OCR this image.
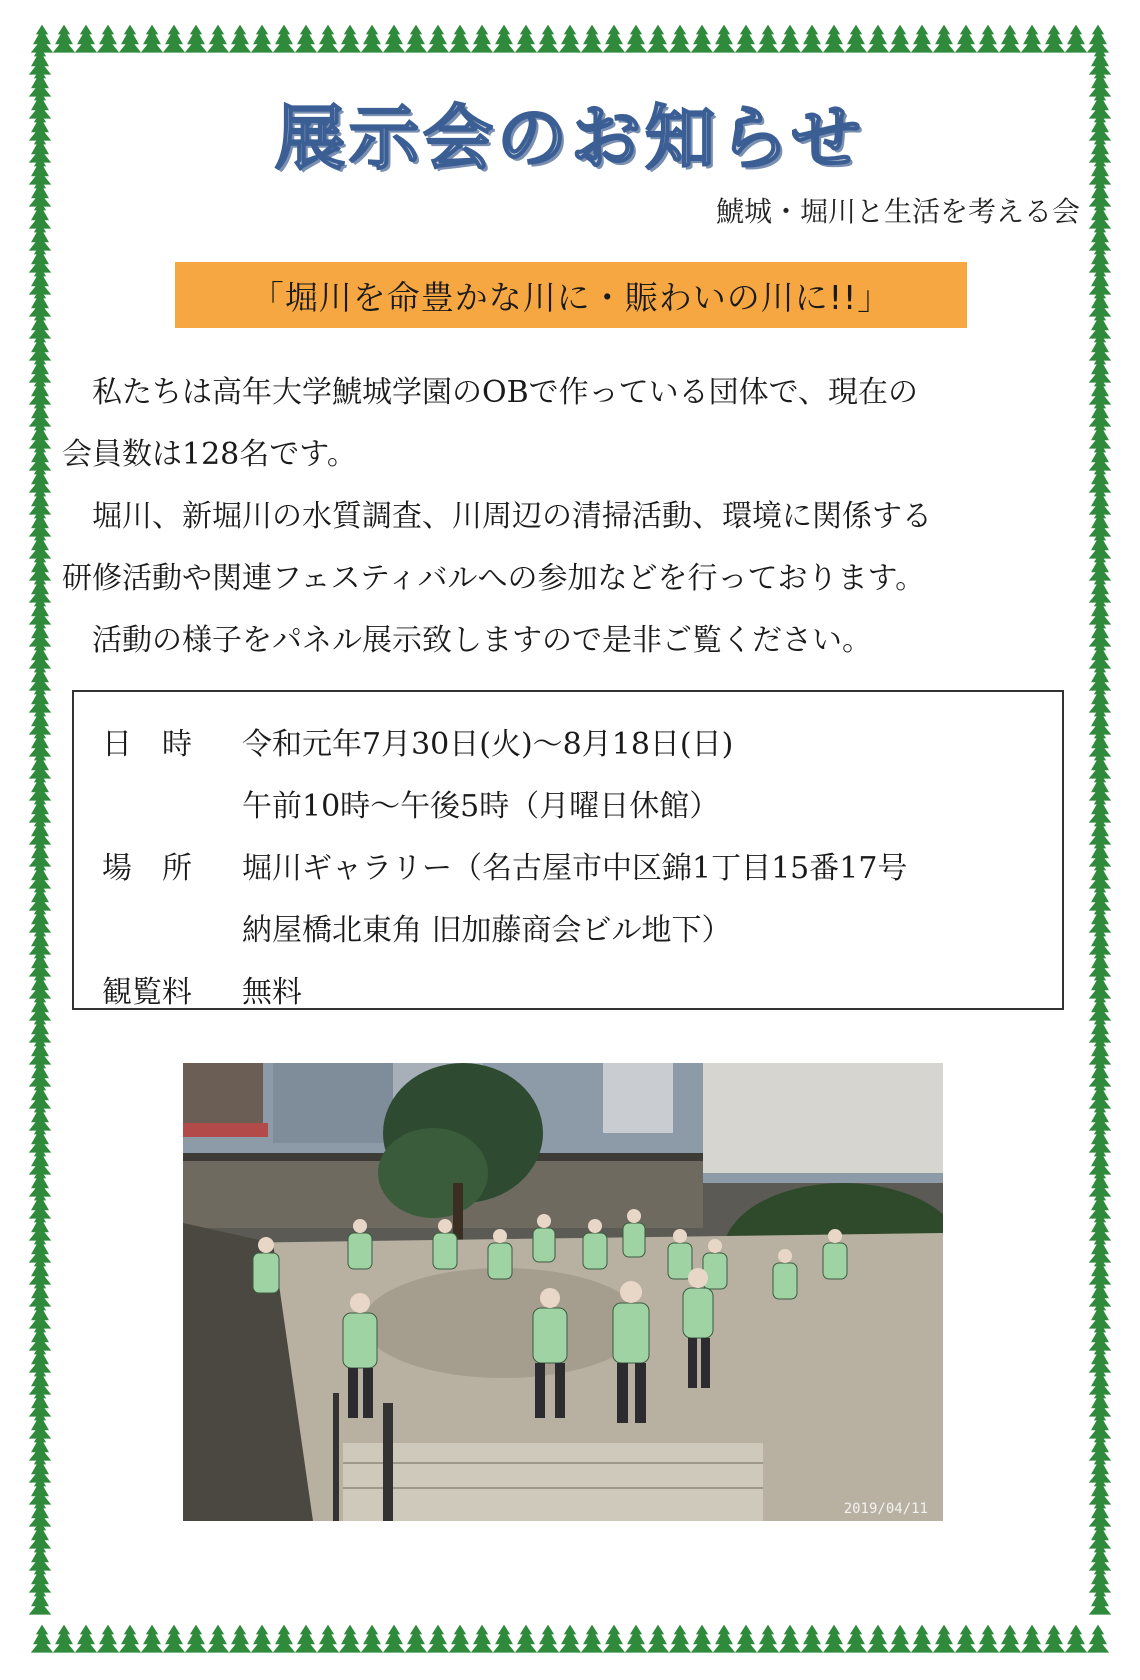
展示会のお知らせ
鯱城・堀川と生活を考える会
「堀川を命豊かな川に・賑わいの川に!!」

私たちは高年大学鯱城学園のOBで作っている団体で、現在の

会員数は128名です。

堀川、新堀川の水質調査、川周辺の清掃活動、環境に関係する

研修活動や関連フェスティバルへの参加などを行っております。

活動の様子をパネル展示致しますので是非ご覧ください。

日　時	令和元年7月30日(火)～8月18日(日)
午前10時～午後5時（月曜日休館）
場　所	堀川ギャラリー（名古屋市中区錦1丁目15番17号
納屋橋北東角 旧加藤商会ビル地下）
観覧料	無料
2019/04/11
